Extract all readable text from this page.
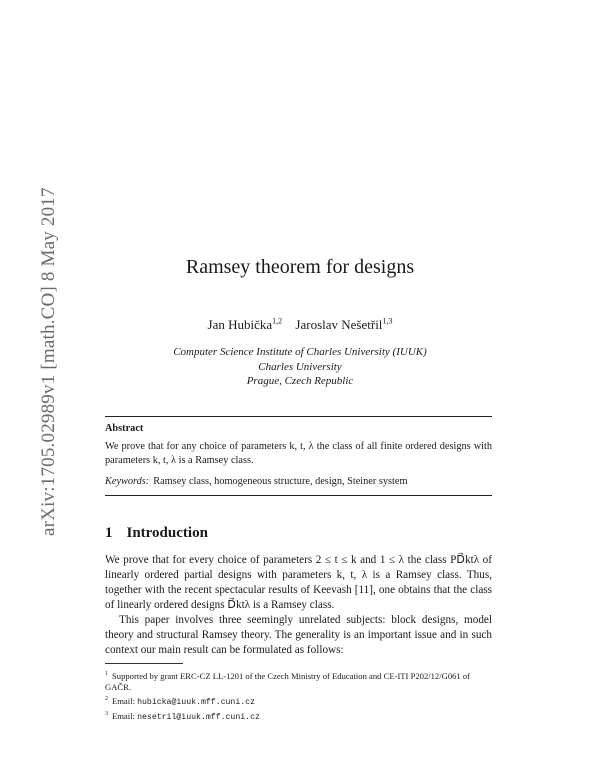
arXiv:1705.02989v1 [math.CO] 8 May 2017	Ramsey theorem for designs
Jan Hubička$^{1,2}$ Jaroslav Nešetřil$^{1,3}$
Computer Science Institute of Charles University (IUUK)
Charles University
Prague, Czech Republic
Abstract

We prove that for any choice of parameters k, t, λ the class of all finite ordered designs with parameters k, t, λ is a Ramsey class.

Keywords: Ramsey class, homogeneous structure, design, Steiner system

1 Introduction

We prove that for every choice of parameters 2 ≤ t ≤ k and 1 ≤ λ the class PD⃗ktλ of linearly ordered partial designs with parameters k, t, λ is a Ramsey class. Thus, together with the recent spectacular results of Keevash [11], one obtains that the class of linearly ordered designs D⃗ktλ is a Ramsey class.

This paper involves three seemingly unrelated subjects: block designs, model theory and structural Ramsey theory. The generality is an important issue and in such context our main result can be formulated as follows:

$^1$ Supported by grant ERC-CZ LL-1201 of the Czech Ministry of Education and CE-ITI P202/12/G061 of GAČR.

$^2$ Email: hubicka@iuuk.mff.cuni.cz

$^3$ Email: nesetril@iuuk.mff.cuni.cz
